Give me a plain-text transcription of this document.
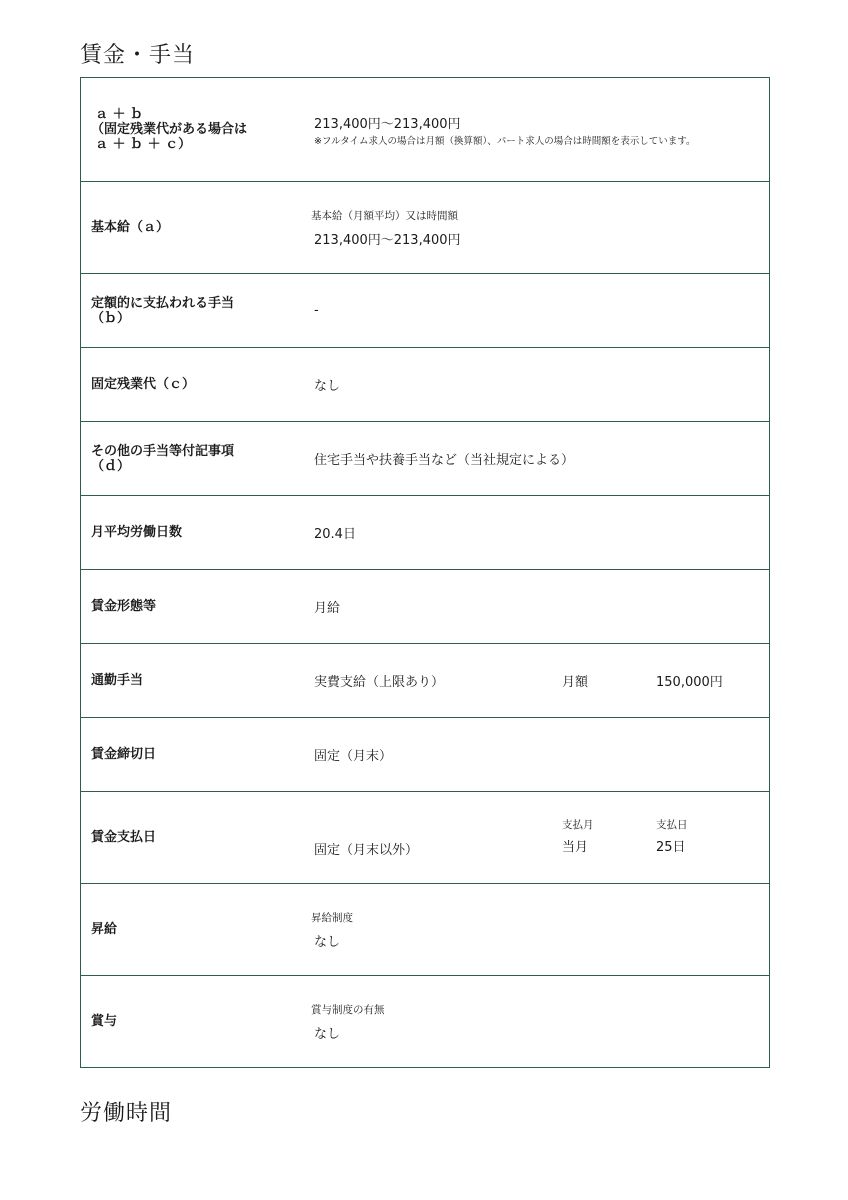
賃金・手当
ａ ＋ ｂ
（固定残業代がある場合は
ａ ＋ ｂ ＋ ｃ）	213,400円〜213,400円
※フルタイム求人の場合は月額（換算額）、パート求人の場合は時間額を表示しています。

基本給（ａ）	基本給（月額平均）又は時間額
213,400円〜213,400円

定額的に支払われる手当
（ｂ）	-
固定残業代（ｃ）	なし

その他の手当等付記事項
（ｄ）	住宅手当や扶養手当など（当社規定による）
月平均労働日数	20.4日
賃金形態等	月給
通勤手当	実費支給（上限あり） 月額 150,000円

賃金締切日	固定（月末）
賃金支払日	固定（月末以外）
支払月
当月
支払日
25日

昇給	昇給制度
なし
賞与	賞与制度の有無
なし
労働時間
